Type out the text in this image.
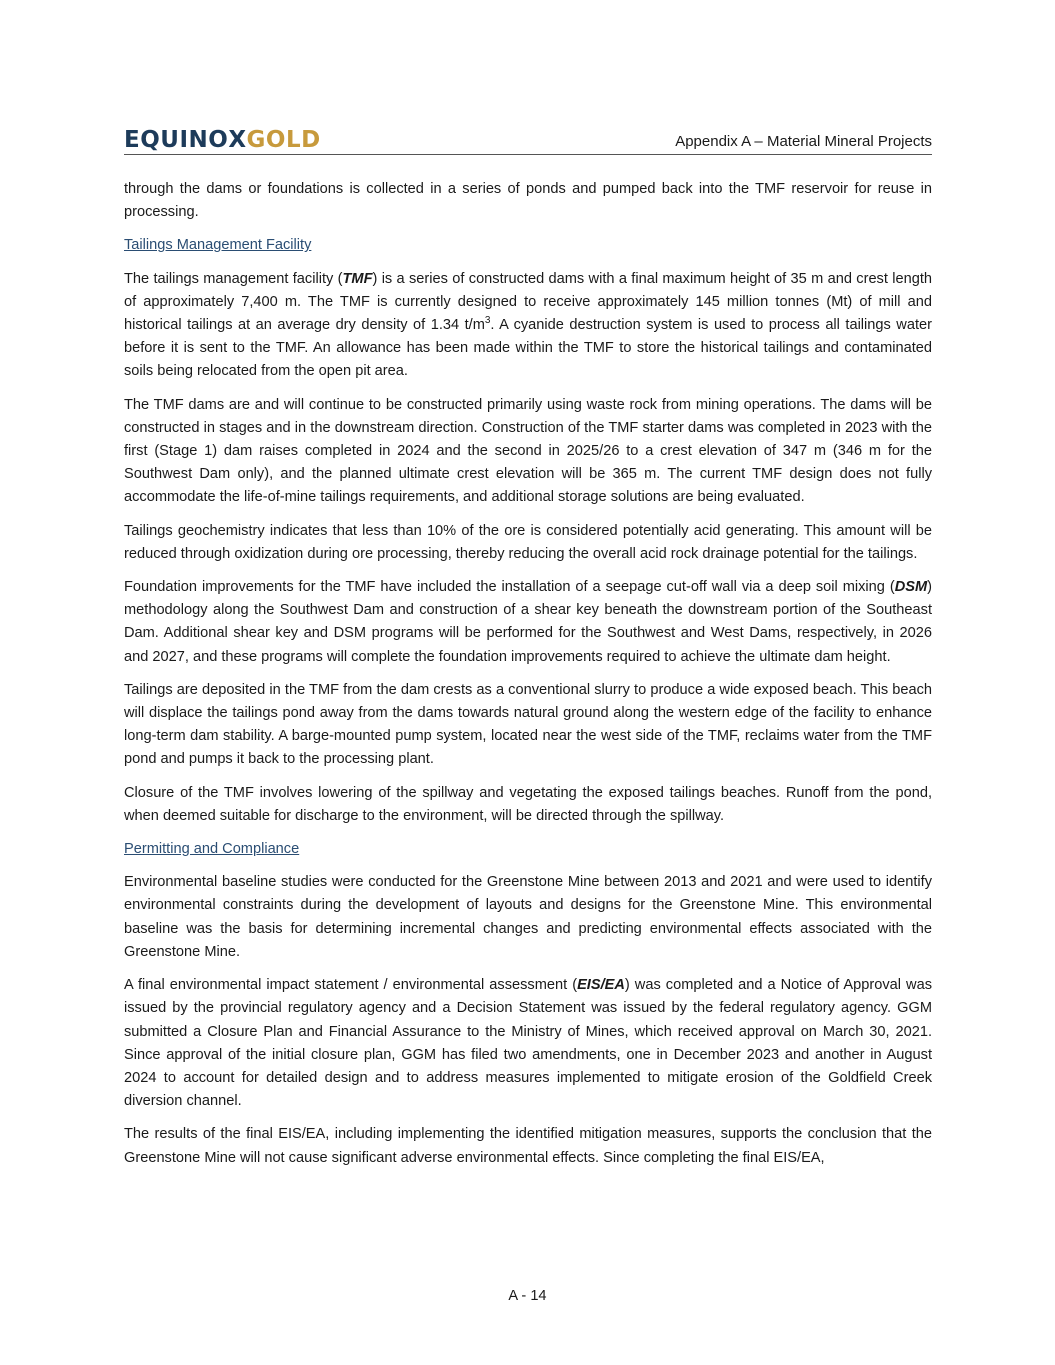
EQUINOXGOLD	Appendix A – Material Mineral Projects

through the dams or foundations is collected in a series of ponds and pumped back into the TMF reservoir for reuse in processing.

Tailings Management Facility

The tailings management facility (TMF) is a series of constructed dams with a final maximum height of 35 m and crest length of approximately 7,400 m. The TMF is currently designed to receive approximately 145 million tonnes (Mt) of mill and historical tailings at an average dry density of 1.34 $t/m^3$. A cyanide destruction system is used to process all tailings water before it is sent to the TMF. An allowance has been made within the TMF to store the historical tailings and contaminated soils being relocated from the open pit area.

The TMF dams are and will continue to be constructed primarily using waste rock from mining operations. The dams will be constructed in stages and in the downstream direction. Construction of the TMF starter dams was completed in 2023 with the first (Stage 1) dam raises completed in 2024 and the second in 2025/26 to a crest elevation of 347 m (346 m for the Southwest Dam only), and the planned ultimate crest elevation will be 365 m. The current TMF design does not fully accommodate the life-of-mine tailings requirements, and additional storage solutions are being evaluated.

Tailings geochemistry indicates that less than 10% of the ore is considered potentially acid generating. This amount will be reduced through oxidization during ore processing, thereby reducing the overall acid rock drainage potential for the tailings.

Foundation improvements for the TMF have included the installation of a seepage cut-off wall via a deep soil mixing (DSM) methodology along the Southwest Dam and construction of a shear key beneath the downstream portion of the Southeast Dam. Additional shear key and DSM programs will be performed for the Southwest and West Dams, respectively, in 2026 and 2027, and these programs will complete the foundation improvements required to achieve the ultimate dam height.

Tailings are deposited in the TMF from the dam crests as a conventional slurry to produce a wide exposed beach. This beach will displace the tailings pond away from the dams towards natural ground along the western edge of the facility to enhance long-term dam stability. A barge-mounted pump system, located near the west side of the TMF, reclaims water from the TMF pond and pumps it back to the processing plant.

Closure of the TMF involves lowering of the spillway and vegetating the exposed tailings beaches. Runoff from the pond, when deemed suitable for discharge to the environment, will be directed through the spillway.

Permitting and Compliance

Environmental baseline studies were conducted for the Greenstone Mine between 2013 and 2021 and were used to identify environmental constraints during the development of layouts and designs for the Greenstone Mine. This environmental baseline was the basis for determining incremental changes and predicting environmental effects associated with the Greenstone Mine.

A final environmental impact statement / environmental assessment (EIS/EA) was completed and a Notice of Approval was issued by the provincial regulatory agency and a Decision Statement was issued by the federal regulatory agency. GGM submitted a Closure Plan and Financial Assurance to the Ministry of Mines, which received approval on March 30, 2021. Since approval of the initial closure plan, GGM has filed two amendments, one in December 2023 and another in August 2024 to account for detailed design and to address measures implemented to mitigate erosion of the Goldfield Creek diversion channel.

The results of the final EIS/EA, including implementing the identified mitigation measures, supports the conclusion that the Greenstone Mine will not cause significant adverse environmental effects. Since completing the final EIS/EA,

A - 14
